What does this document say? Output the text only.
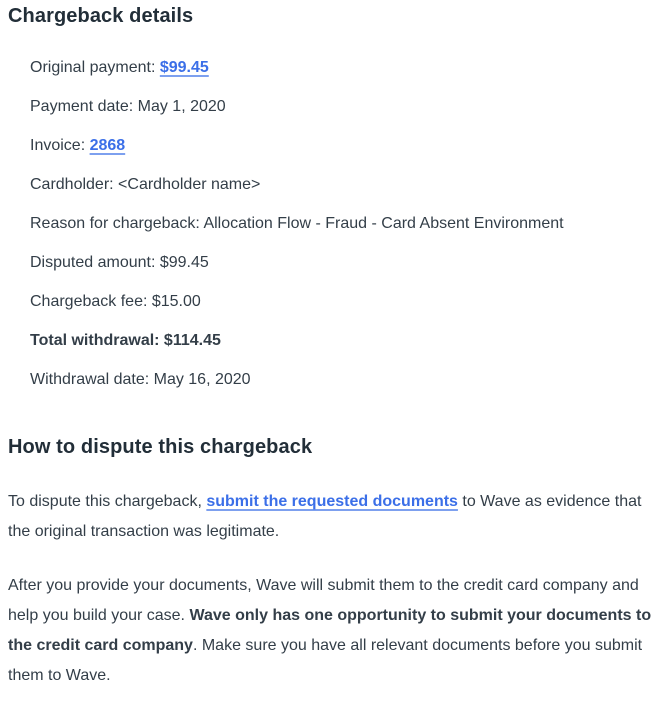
Chargeback details

Original payment: $99.45

Payment date: May 1, 2020

Invoice: 2868

Cardholder: <Cardholder name>

Reason for chargeback: Allocation Flow - Fraud - Card Absent Environment

Disputed amount: $99.45

Chargeback fee: $15.00

Total withdrawal: $114.45

Withdrawal date: May 16, 2020

How to dispute this chargeback

To dispute this chargeback, submit the requested documents to Wave as evidence that the original transaction was legitimate.

After you provide your documents, Wave will submit them to the credit card company and help you build your case. Wave only has one opportunity to submit your documents to the credit card company. Make sure you have all relevant documents before you submit them to Wave.
